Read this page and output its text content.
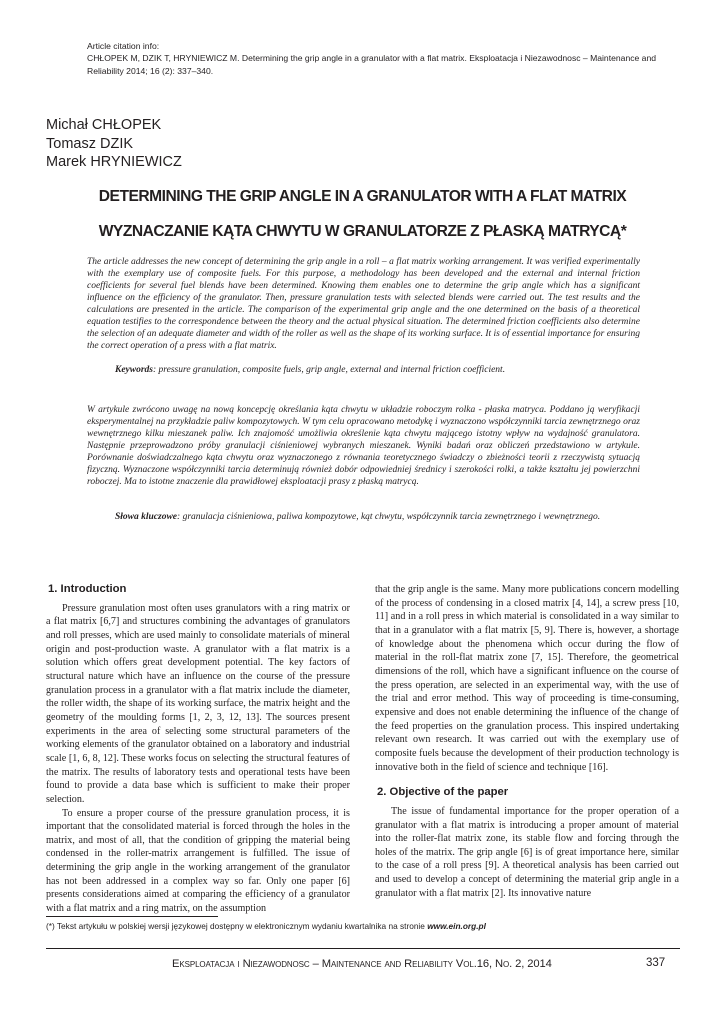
Article citation info:
CHŁOPEK M, DZIK T, HRYNIEWICZ M. Determining the grip angle in a granulator with a flat matrix. Eksploatacja i Niezawodnosc – Maintenance and Reliability 2014; 16 (2): 337–340.
Michał CHŁOPEK
Tomasz DZIK
Marek HRYNIEWICZ
DETERMINING THE GRIP ANGLE IN A GRANULATOR WITH A FLAT MATRIX
WYZNACZANIE KĄTA CHWYTU W GRANULATORZE Z PŁASKĄ MATRYCĄ*

The article addresses the new concept of determining the grip angle in a roll – a flat matrix working arrangement. It was verified experimentally with the exemplary use of composite fuels. For this purpose, a methodology has been developed and the external and internal friction coefficients for several fuel blends have been determined. Knowing them enables one to determine the grip angle which has a significant influence on the efficiency of the granulator. Then, pressure granulation tests with selected blends were carried out. The test results and the calculations are presented in the article. The comparison of the experimental grip angle and the one determined on the basis of a theoretical equation testifies to the correspondence between the theory and the actual physical situation. The determined friction coefficients also determine the selection of an adequate diameter and width of the roller as well as the shape of its working surface. It is of essential importance for ensuring the correct operation of a press with a flat matrix.

Keywords: pressure granulation, composite fuels, grip angle, external and internal friction coefficient.

W artykule zwrócono uwagę na nową koncepcję określania kąta chwytu w układzie roboczym rolka - płaska matryca. Poddano ją weryfikacji eksperymentalnej na przykładzie paliw kompozytowych. W tym celu opracowano metodykę i wyznaczono współczynniki tarcia zewnętrznego oraz wewnętrznego kilku mieszanek paliw. Ich znajomość umożliwia określenie kąta chwytu mającego istotny wpływ na wydajność granulatora. Następnie przeprowadzono próby granulacji ciśnieniowej wybranych mieszanek. Wyniki badań oraz obliczeń przedstawiono w artykule. Porównanie doświadczalnego kąta chwytu oraz wyznaczonego z równania teoretycznego świadczy o zbieżności teorii z rzeczywistą sytuacją fizyczną. Wyznaczone współczynniki tarcia determinują również dobór odpowiedniej średnicy i szerokości rolki, a także kształtu jej powierzchni roboczej. Ma to istotne znaczenie dla prawidłowej eksploatacji prasy z płaską matrycą.

Słowa kluczowe: granulacja ciśnieniowa, paliwa kompozytowe, kąt chwytu, współczynnik tarcia zewnętrznego i wewnętrznego.

1. Introduction

Pressure granulation most often uses granulators with a ring matrix or a flat matrix [6,7] and structures combining the advantages of granulators and roll presses, which are used mainly to consolidate materials of mineral origin and post-production waste. A granulator with a flat matrix is a solution which offers great development potential. The key factors of structural nature which have an influence on the course of the pressure granulation process in a granulator with a flat matrix include the diameter, the roller width, the shape of its working surface, the matrix height and the geometry of the moulding forms [1, 2, 3, 12, 13]. The sources present experiments in the area of selecting some structural parameters of the working elements of the granulator obtained on a laboratory and industrial scale [1, 6, 8, 12]. These works focus on selecting the structural features of the matrix. The results of laboratory tests and operational tests have been found to provide a data base which is sufficient to make their proper selection.

To ensure a proper course of the pressure granulation process, it is important that the consolidated material is forced through the holes in the matrix, and most of all, that the condition of gripping the material being condensed in the roller-matrix arrangement is fulfilled. The issue of determining the grip angle in the working arrangement of the granulator has not been addressed in a complex way so far. Only one paper [6] presents considerations aimed at comparing the efficiency of a granulator with a flat matrix and a ring matrix, on the assumption

that the grip angle is the same. Many more publications concern modelling of the process of condensing in a closed matrix [4, 14], a screw press [10, 11] and in a roll press in which material is consolidated in a way similar to that in a granulator with a flat matrix [5, 9]. There is, however, a shortage of knowledge about the phenomena which occur during the flow of material in the roll-flat matrix zone [7, 15]. Therefore, the geometrical dimensions of the roll, which have a significant influence on the course of the press operation, are selected in an experimental way, with the use of the trial and error method. This way of proceeding is time-consuming, expensive and does not enable determining the influence of the change of the feed properties on the granulation process. This inspired undertaking relevant own research. It was carried out with the exemplary use of composite fuels because the development of their production technology is innovative both in the field of science and technique [16].

2. Objective of the paper

The issue of fundamental importance for the proper operation of a granulator with a flat matrix is introducing a proper amount of material into the roller-flat matrix zone, its stable flow and forcing through the holes of the matrix. The grip angle [6] is of great importance here, similar to the case of a roll press [9]. A theoretical analysis has been carried out and used to develop a concept of determining the material grip angle in a granulator with a flat matrix [2]. Its innovative nature

(*) Tekst artykułu w polskiej wersji językowej dostępny w elektronicznym wydaniu kwartalnika na stronie www.ein.org.pl
Eksploatacja i Niezawodnosc – Maintenance and Reliability Vol.16, No. 2, 2014	337
